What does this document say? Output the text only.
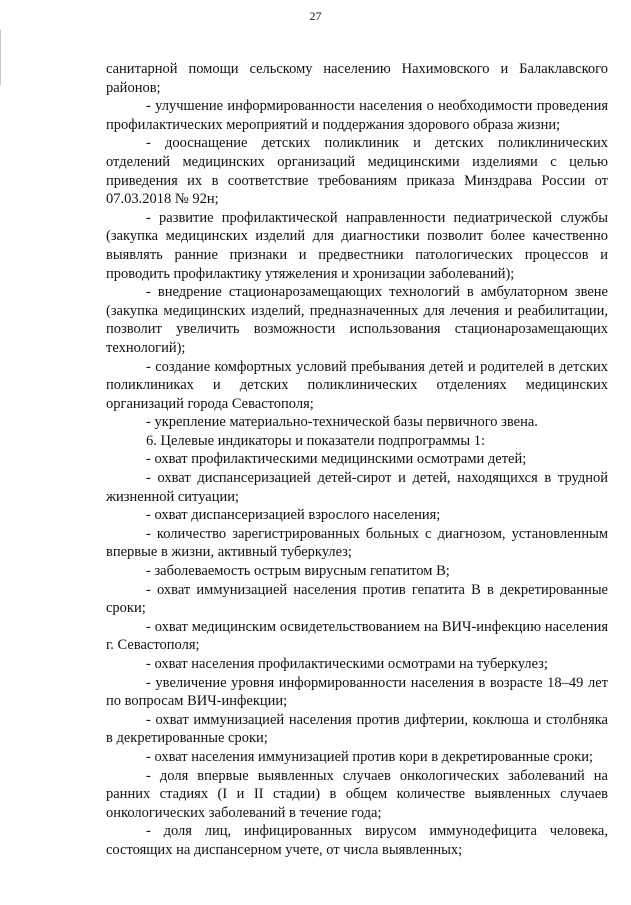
27

санитарной помощи сельскому населению Нахимовского и Балаклавского районов;

- улучшение информированности населения о необходимости проведения профилактических мероприятий и поддержания здорового образа жизни;

- дооснащение детских поликлиник и детских поликлинических отделений медицинских организаций медицинскими изделиями с целью приведения их в соответствие требованиям приказа Минздрава России от 07.03.2018 № 92н;

- развитие профилактической направленности педиатрической службы (закупка медицинских изделий для диагностики позволит более качественно выявлять ранние признаки и предвестники патологических процессов и проводить профилактику утяжеления и хронизации заболеваний);

- внедрение стационарозамещающих технологий в амбулаторном звене (закупка медицинских изделий, предназначенных для лечения и реабилитации, позволит увеличить возможности использования стационарозамещающих технологий);

- создание комфортных условий пребывания детей и родителей в детских поликлиниках и детских поликлинических отделениях медицинских организаций города Севастополя;

- укрепление материально-технической базы первичного звена.

6. Целевые индикаторы и показатели подпрограммы 1:

- охват профилактическими медицинскими осмотрами детей;

- охват диспансеризацией детей-сирот и детей, находящихся в трудной жизненной ситуации;

- охват диспансеризацией взрослого населения;

- количество зарегистрированных больных с диагнозом, установленным впервые в жизни, активный туберкулез;

- заболеваемость острым вирусным гепатитом В;

- охват иммунизацией населения против гепатита В в декретированные сроки;

- охват медицинским освидетельствованием на ВИЧ-инфекцию населения г. Севастополя;

- охват населения профилактическими осмотрами на туберкулез;

- увеличение уровня информированности населения в возрасте 18–49 лет по вопросам ВИЧ-инфекции;

- охват иммунизацией населения против дифтерии, коклюша и столбняка в декретированные сроки;

- охват населения иммунизацией против кори в декретированные сроки;

- доля впервые выявленных случаев онкологических заболеваний на ранних стадиях (I и II стадии) в общем количестве выявленных случаев онкологических заболеваний в течение года;

- доля лиц, инфицированных вирусом иммунодефицита человека, состоящих на диспансерном учете, от числа выявленных;
